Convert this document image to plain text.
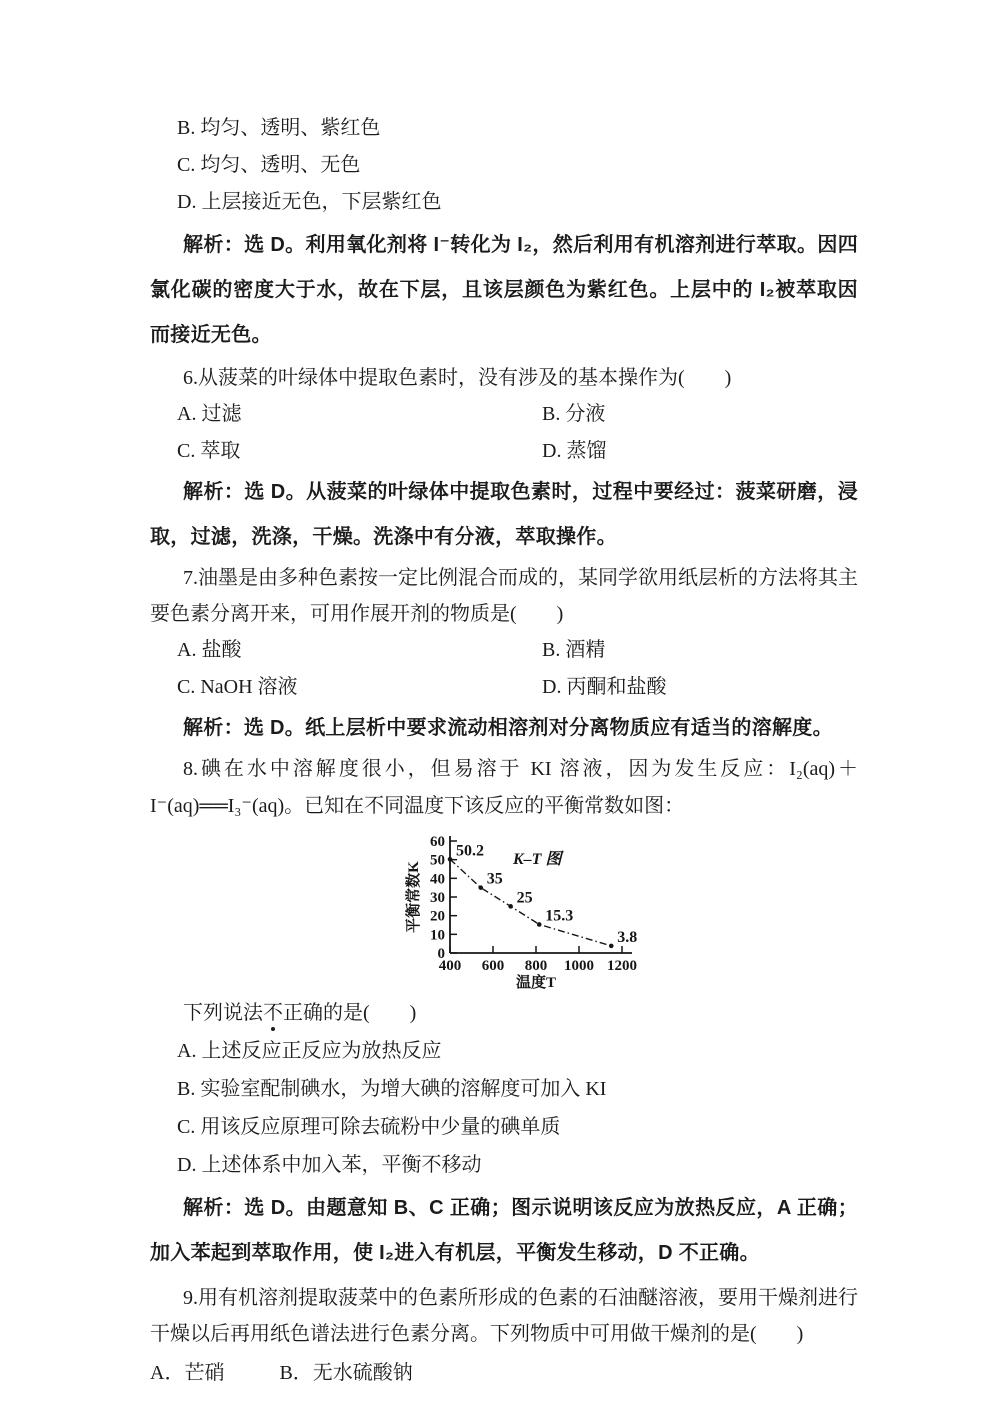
B. 均匀、透明、紫红色

C. 均匀、透明、无色

D. 上层接近无色，下层紫红色

解析：选 D。利用氧化剂将 I⁻转化为 I₂，然后利用有机溶剂进行萃取。因四氯化碳的密度大于水，故在下层，且该层颜色为紫红色。上层中的 I₂被萃取因而接近无色。

6.从菠菜的叶绿体中提取色素时，没有涉及的基本操作为(　　)

A. 过滤	B. 分液
C. 萃取	D. 蒸馏

解析：选 D。从菠菜的叶绿体中提取色素时，过程中要经过：菠菜研磨，浸取，过滤，洗涤，干燥。洗涤中有分液，萃取操作。

7.油墨是由多种色素按一定比例混合而成的，某同学欲用纸层析的方法将其主要色素分离开来，可用作展开剂的物质是(　　)

A. 盐酸	B. 酒精
C. NaOH 溶液	D. 丙酮和盐酸

解析：选 D。纸上层析中要求流动相溶剂对分离物质应有适当的溶解度。

8.碘在水中溶解度很小，但易溶于 KI 溶液，因为发生反应：I₂(aq)＋I⁻(aq)══I₃⁻(aq)。已知在不同温度下该反应的平衡常数如图：

0
10
20
30
40
50
60
400 600 800 1000 1200
50.2
35
25
15.3
3.8
K–T 图
温度T
平衡常数K

下列说法不正确的是(　　)

A. 上述反应正反应为放热反应

B. 实验室配制碘水，为增大碘的溶解度可加入 KI

C. 用该反应原理可除去硫粉中少量的碘单质

D. 上述体系中加入苯，平衡不移动

解析：选 D。由题意知 B、C 正确；图示说明该反应为放热反应，A 正确；加入苯起到萃取作用，使 I₂进入有机层，平衡发生移动，D 不正确。

9.用有机溶剂提取菠菜中的色素所形成的色素的石油醚溶液，要用干燥剂进行干燥以后再用纸色谱法进行色素分离。下列物质中可用做干燥剂的是(　　)

A．芒硝	B．无水硫酸钠
